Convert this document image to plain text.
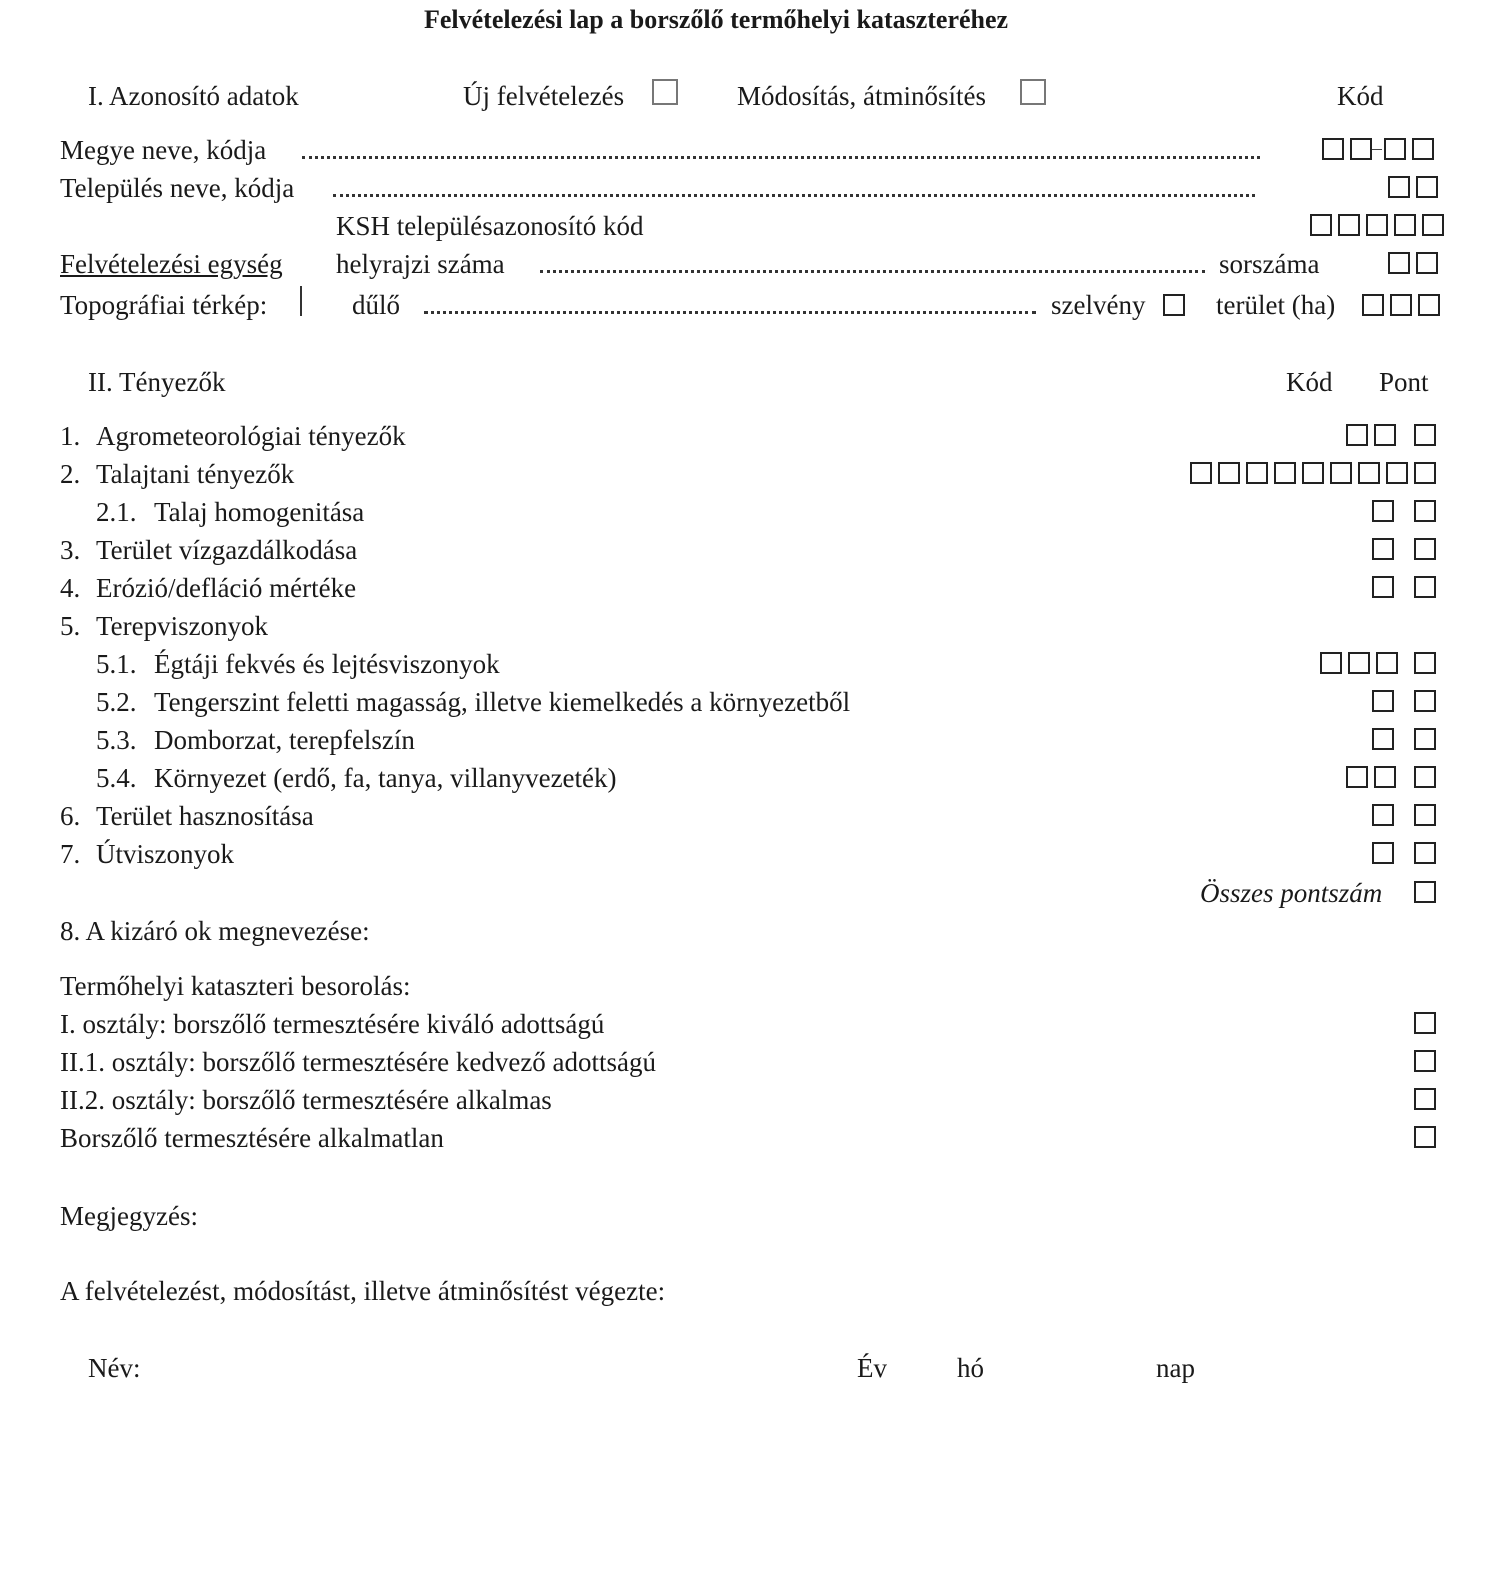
Felvételezési lap a borszőlő termőhelyi kataszteréhez
I. Azonosító adatok	Új felvételezés	Módosítás, átminősítés	Kód
Megye neve, kódja
Település neve, kódja
KSH településazonosító kód
Felvételezési egység helyrajzi száma	sorszáma
Topográfiai térkép:	dűlő	szelvény	terület (ha)
II. Tényezők	Kód Pont
1. Agrometeorológiai tényezők
2. Talajtani tényezők
2.1. Talaj homogenitása
3. Terület vízgazdálkodása
4. Erózió/defláció mértéke
5. Terepviszonyok
5.1. Égtáji fekvés és lejtésviszonyok
5.2. Tengerszint feletti magasság, illetve kiemelkedés a környezetből
5.3. Domborzat, terepfelszín
5.4. Környezet (erdő, fa, tanya, villanyvezeték)
6. Terület hasznosítása
7. Útviszonyok
Összes pontszám
8. A kizáró ok megnevezése:
Termőhelyi kataszteri besorolás:
I. osztály: borszőlő termesztésére kiváló adottságú
II.1. osztály: borszőlő termesztésére kedvező adottságú
II.2. osztály: borszőlő termesztésére alkalmas
Borszőlő termesztésére alkalmatlan
Megjegyzés:
A felvételezést, módosítást, illetve átminősítést végezte:
Név:	Év	hó	nap
